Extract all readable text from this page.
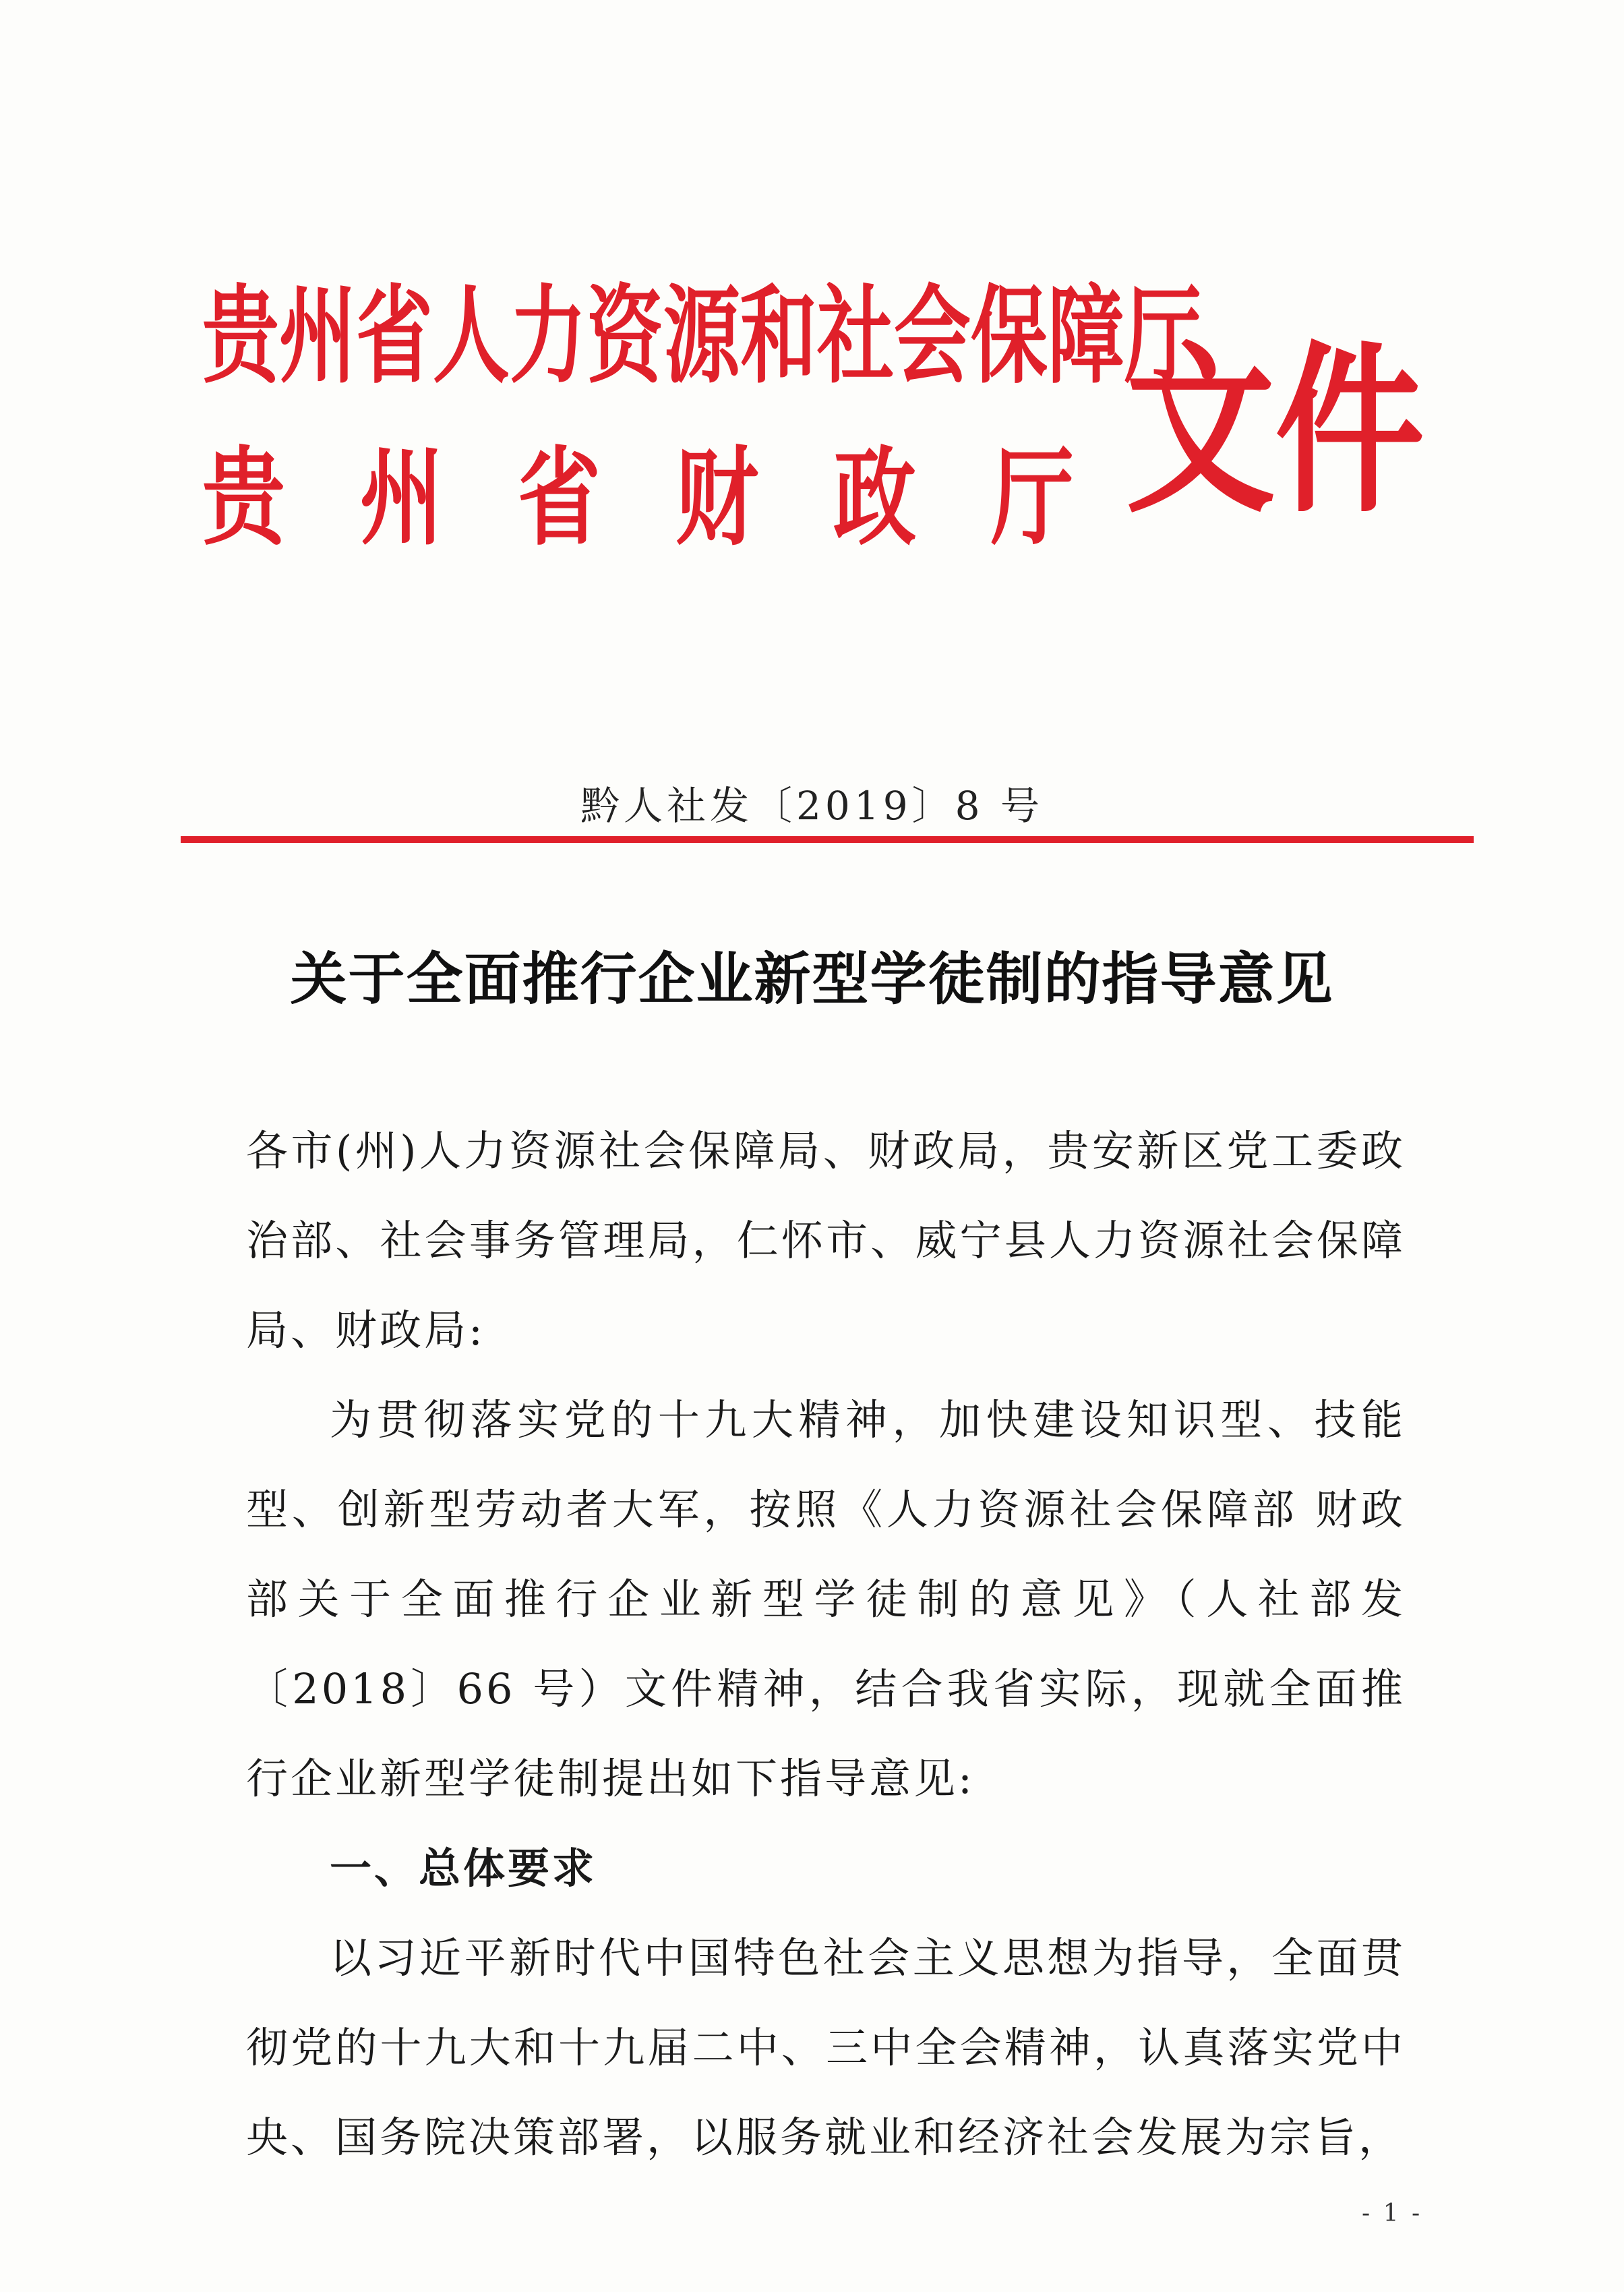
贵州省人力资源和社会保障厅
贵 州 省 财 政 厅 文件
黔人社发〔2019〕8 号
关于全面推行企业新型学徒制的指导意见

各市(州)人力资源社会保障局、财政局，贵安新区党工委政治部、社会事务管理局，仁怀市、威宁县人力资源社会保障局、财政局:

为贯彻落实党的十九大精神，加快建设知识型、技能型、创新型劳动者大军，按照《人力资源社会保障部 财政部关于全面推行企业新型学徒制的意见》（人社部发〔2018〕66 号）文件精神，结合我省实际，现就全面推行企业新型学徒制提出如下指导意见:

一、总体要求

以习近平新时代中国特色社会主义思想为指导，全面贯彻党的十九大和十九届二中、三中全会精神，认真落实党中央、国务院决策部署，以服务就业和经济社会发展为宗旨，

- 1 -
